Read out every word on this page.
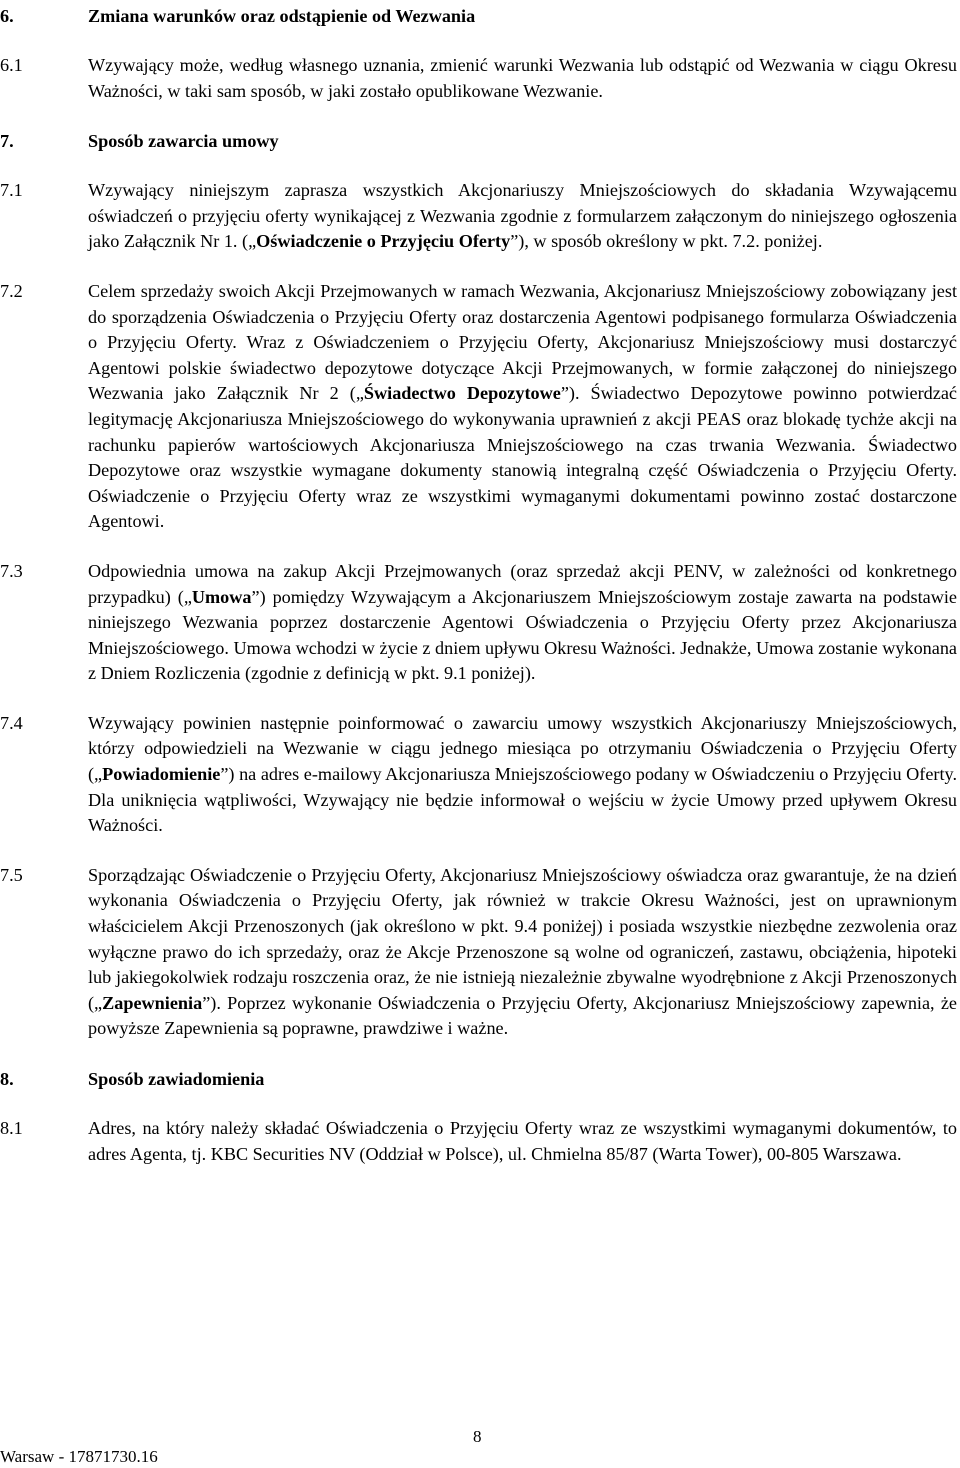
6.	Zmiana warunków oraz odstąpienie od Wezwania
6.1	Wzywający może, według własnego uznania, zmienić warunki Wezwania lub odstąpić od Wezwania w ciągu Okresu Ważności, w taki sam sposób, w jaki zostało opublikowane Wezwanie.
7.	Sposób zawarcia umowy
7.1	Wzywający niniejszym zaprasza wszystkich Akcjonariuszy Mniejszościowych do składania Wzywającemu oświadczeń o przyjęciu oferty wynikającej z Wezwania zgodnie z formularzem załączonym do niniejszego ogłoszenia jako Załącznik Nr 1. („Oświadczenie o Przyjęciu Oferty”), w sposób określony w pkt. 7.2. poniżej.
7.2	Celem sprzedaży swoich Akcji Przejmowanych w ramach Wezwania, Akcjonariusz Mniejszościowy zobowiązany jest do sporządzenia Oświadczenia o Przyjęciu Oferty oraz dostarczenia Agentowi podpisanego formularza Oświadczenia o Przyjęciu Oferty. Wraz z Oświadczeniem o Przyjęciu Oferty, Akcjonariusz Mniejszościowy musi dostarczyć Agentowi polskie świadectwo depozytowe dotyczące Akcji Przejmowanych, w formie załączonej do niniejszego Wezwania jako Załącznik Nr 2 („Świadectwo Depozytowe”). Świadectwo Depozytowe powinno potwierdzać legitymację Akcjonariusza Mniejszościowego do wykonywania uprawnień z akcji PEAS oraz blokadę tychże akcji na rachunku papierów wartościowych Akcjonariusza Mniejszościowego na czas trwania Wezwania. Świadectwo Depozytowe oraz wszystkie wymagane dokumenty stanowią integralną część Oświadczenia o Przyjęciu Oferty. Oświadczenie o Przyjęciu Oferty wraz ze wszystkimi wymaganymi dokumentami powinno zostać dostarczone Agentowi.
7.3	Odpowiednia umowa na zakup Akcji Przejmowanych (oraz sprzedaż akcji PENV, w zależności od konkretnego przypadku) („Umowa”) pomiędzy Wzywającym a Akcjonariuszem Mniejszościowym zostaje zawarta na podstawie niniejszego Wezwania poprzez dostarczenie Agentowi Oświadczenia o Przyjęciu Oferty przez Akcjonariusza Mniejszościowego. Umowa wchodzi w życie z dniem upływu Okresu Ważności. Jednakże, Umowa zostanie wykonana z Dniem Rozliczenia (zgodnie z definicją w pkt. 9.1 poniżej).
7.4	Wzywający powinien następnie poinformować o zawarciu umowy wszystkich Akcjonariuszy Mniejszościowych, którzy odpowiedzieli na Wezwanie w ciągu jednego miesiąca po otrzymaniu Oświadczenia o Przyjęciu Oferty („Powiadomienie”) na adres e-mailowy Akcjonariusza Mniejszościowego podany w Oświadczeniu o Przyjęciu Oferty. Dla uniknięcia wątpliwości, Wzywający nie będzie informował o wejściu w życie Umowy przed upływem Okresu Ważności.
7.5	Sporządzając Oświadczenie o Przyjęciu Oferty, Akcjonariusz Mniejszościowy oświadcza oraz gwarantuje, że na dzień wykonania Oświadczenia o Przyjęciu Oferty, jak również w trakcie Okresu Ważności, jest on uprawnionym właścicielem Akcji Przenoszonych (jak określono w pkt. 9.4 poniżej) i posiada wszystkie niezbędne zezwolenia oraz wyłączne prawo do ich sprzedaży, oraz że Akcje Przenoszone są wolne od ograniczeń, zastawu, obciążenia, hipoteki lub jakiegokolwiek rodzaju roszczenia oraz, że nie istnieją niezależnie zbywalne wyodrębnione z Akcji Przenoszonych („Zapewnienia”). Poprzez wykonanie Oświadczenia o Przyjęciu Oferty, Akcjonariusz Mniejszościowy zapewnia, że powyższe Zapewnienia są poprawne, prawdziwe i ważne.
8.	Sposób zawiadomienia
8.1	Adres, na który należy składać Oświadczenia o Przyjęciu Oferty wraz ze wszystkimi wymaganymi dokumentów, to adres Agenta, tj. KBC Securities NV (Oddział w Polsce), ul. Chmielna 85/87 (Warta Tower), 00-805 Warszawa.
8
Warsaw - 17871730.16
